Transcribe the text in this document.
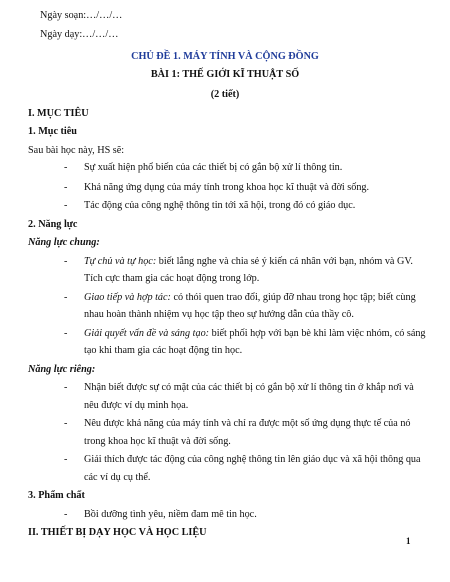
Ngày soạn:…/…/…
Ngày dạy:…/…/…
CHỦ ĐỀ 1. MÁY TÍNH VÀ CỘNG ĐỒNG
BÀI 1: THẾ GIỚI KĨ THUẬT SỐ
(2 tiết)
I. MỤC TIÊU
1. Mục tiêu
Sau bài học này, HS sẽ:
- Sự xuất hiện phổ biến của các thiết bị có gắn bộ xử lí thông tin.
- Khả năng ứng dụng của máy tính trong khoa học kĩ thuật và đời sống.
- Tác động của công nghệ thông tin tới xã hội, trong đó có giáo dục.
2. Năng lực
Năng lực chung:
- Tự chủ và tự học: biết lắng nghe và chia sẻ ý kiến cá nhân với bạn, nhóm và GV.
Tích cực tham gia các hoạt động trong lớp.
- Giao tiếp và hợp tác: có thói quen trao đổi, giúp đỡ nhau trong học tập; biết cùng
nhau hoàn thành nhiệm vụ học tập theo sự hướng dẫn của thầy cô.
- Giải quyết vấn đề và sáng tạo: biết phối hợp với bạn bè khi làm việc nhóm, có sáng
tạo khi tham gia các hoạt động tin học.
Năng lực riêng:
- Nhận biết được sự có mặt của các thiết bị có gắn bộ xử lí thông tin ở khắp nơi và
nêu được ví dụ minh họa.
- Nêu được khả năng của máy tính và chỉ ra được một số ứng dụng thực tế của nó
trong khoa học kĩ thuật và đời sống.
- Giải thích được tác động của công nghệ thông tin lên giáo dục và xã hội thông qua
các ví dụ cụ thể.
3. Phẩm chất
- Bồi dưỡng tình yêu, niềm đam mê tin học.
II. THIẾT BỊ DẠY HỌC VÀ HỌC LIỆU
1
